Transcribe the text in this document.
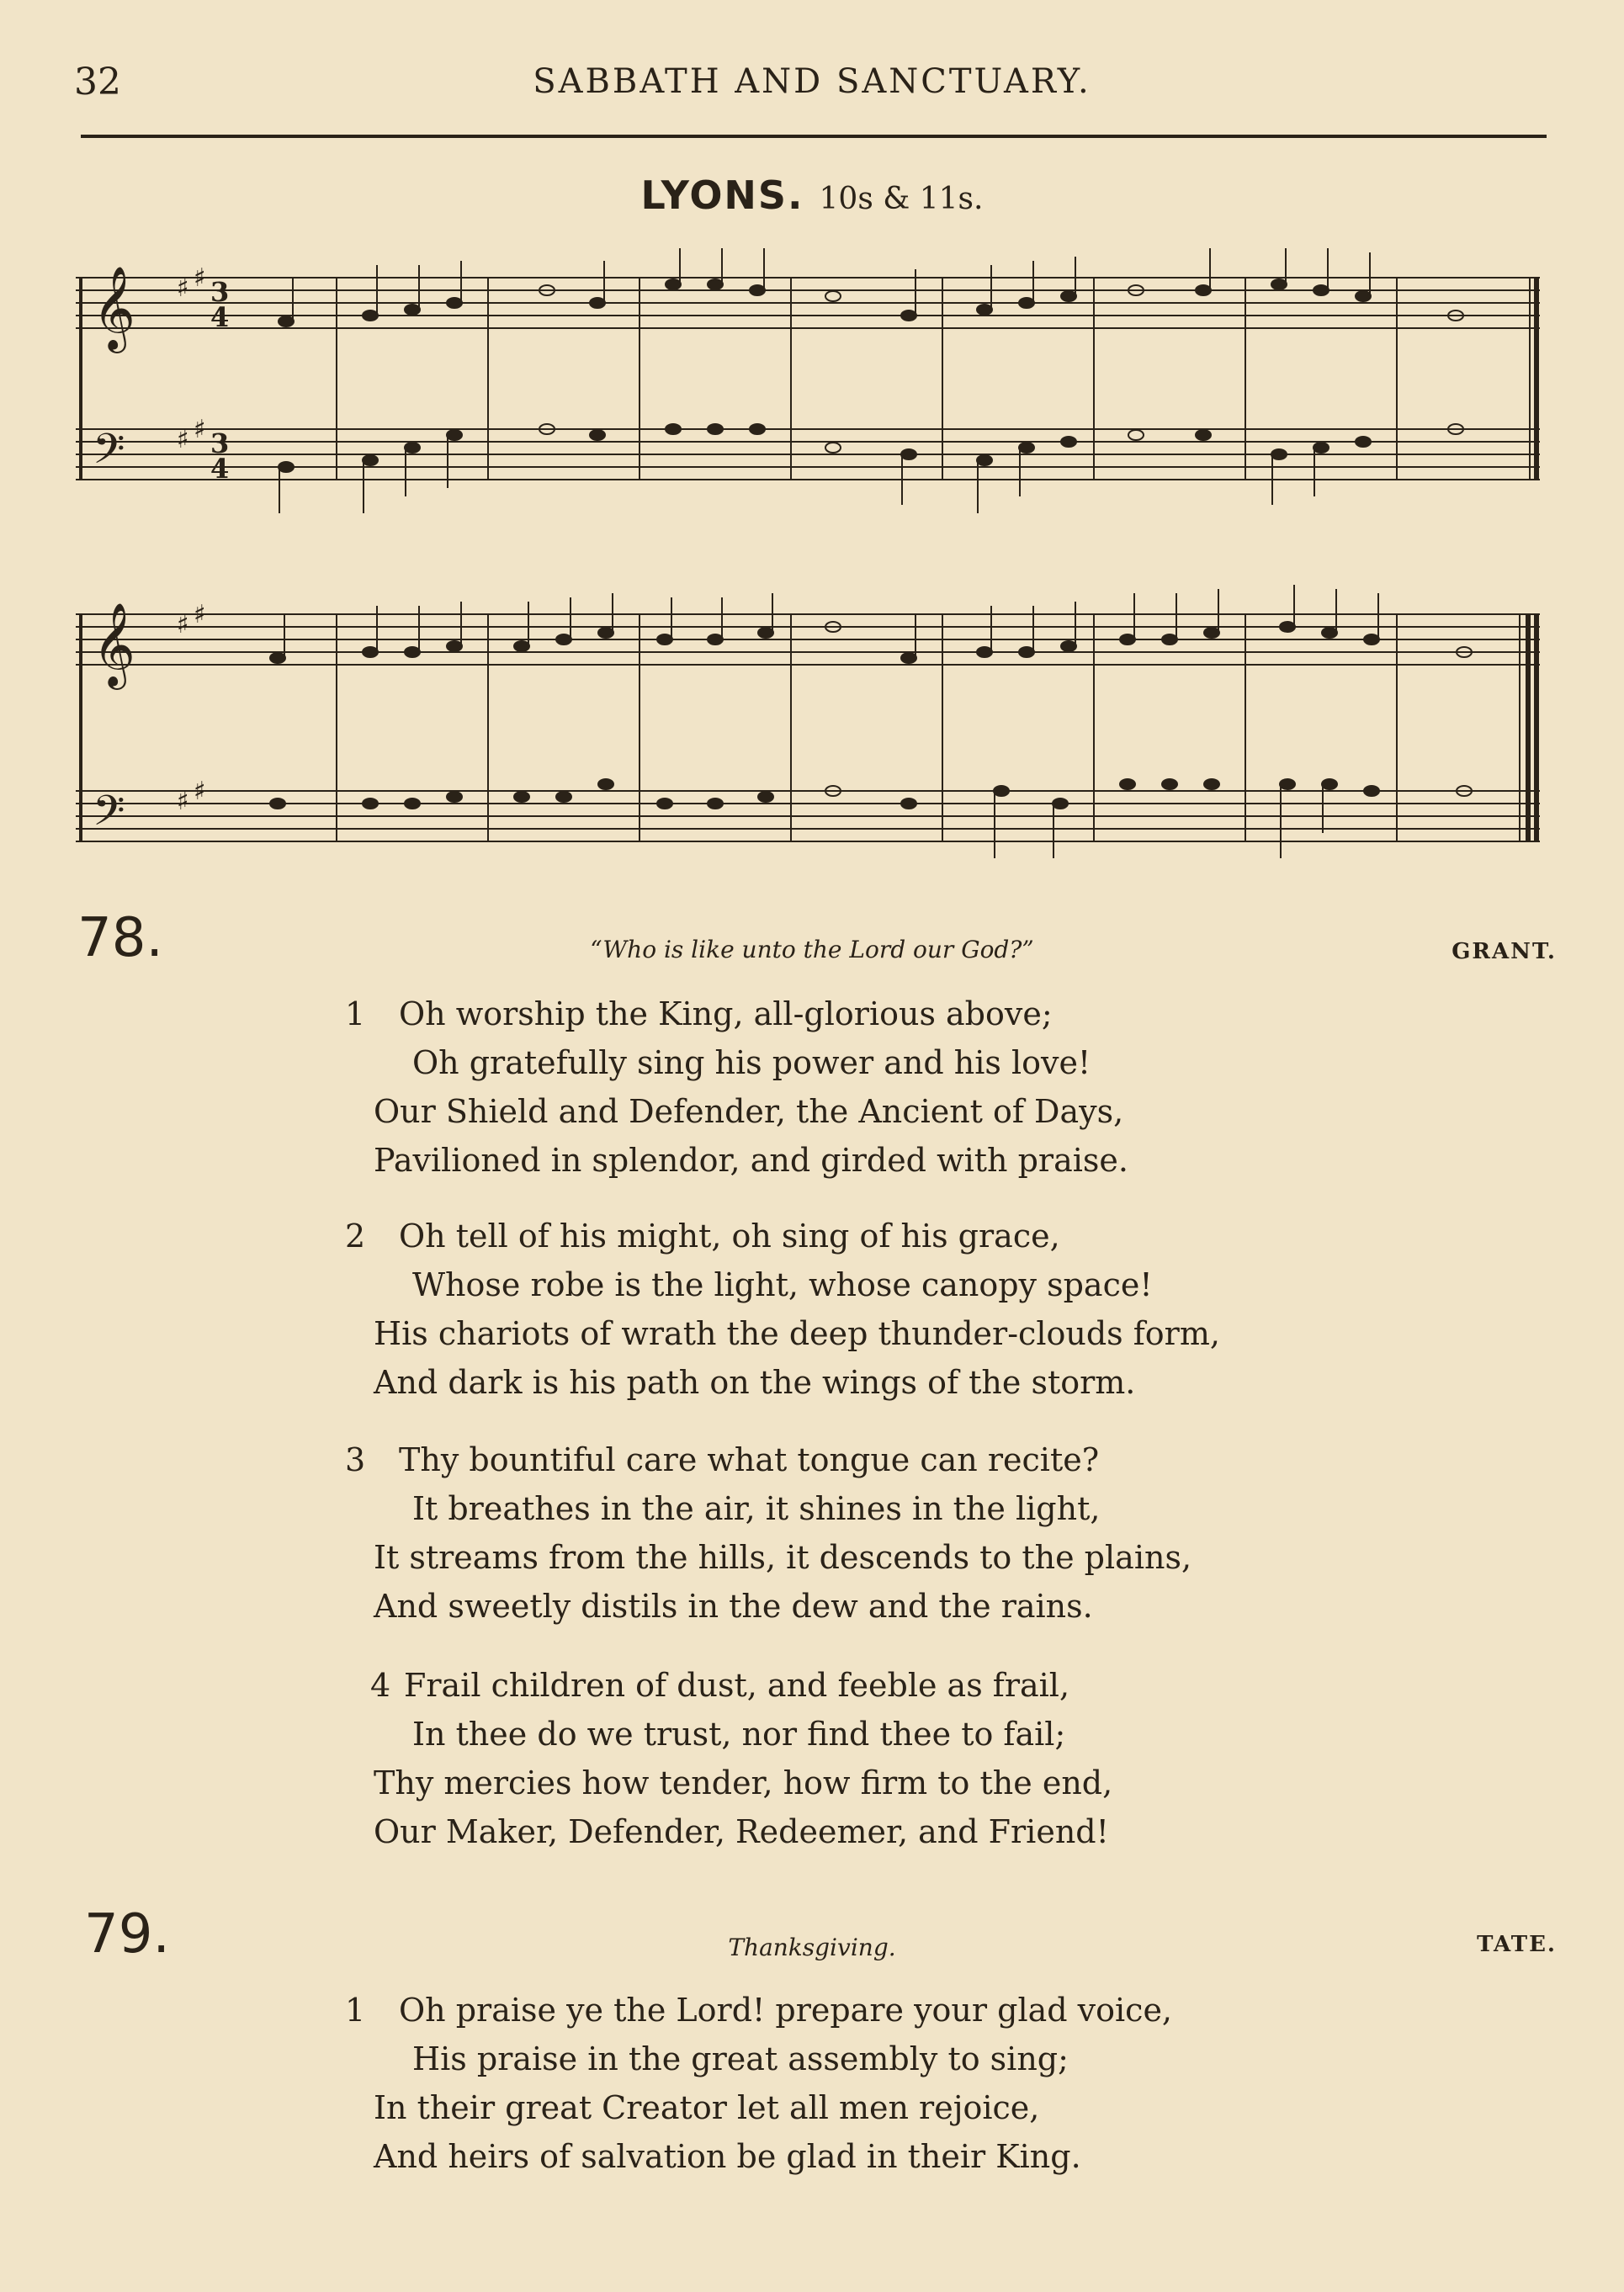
32	SABBATH AND SANCTUARY.
LYONS. 10s & 11s.
𝄞
𝄢
♯ ♯
♯ ♯
3
4
3
4
𝄞
𝄢
♯ ♯
♯ ♯
78.	“Who is like unto the Lord our God?”	GRANT.
1 Oh worship the King, all-glorious above;
Oh gratefully sing his power and his love!
Our Shield and Defender, the Ancient of Days,
Pavilioned in splendor, and girded with praise.
2 Oh tell of his might, oh sing of his grace,
Whose robe is the light, whose canopy space!
His chariots of wrath the deep thunder-clouds form,
And dark is his path on the wings of the storm.
3 Thy bountiful care what tongue can recite?
It breathes in the air, it shines in the light,
It streams from the hills, it descends to the plains,
And sweetly distils in the dew and the rains.
4 Frail children of dust, and feeble as frail,
In thee do we trust, nor find thee to fail;
Thy mercies how tender, how firm to the end,
Our Maker, Defender, Redeemer, and Friend!
79.	Thanksgiving.	TATE.
1 Oh praise ye the Lord! prepare your glad voice,
His praise in the great assembly to sing;
In their great Creator let all men rejoice,
And heirs of salvation be glad in their King.
